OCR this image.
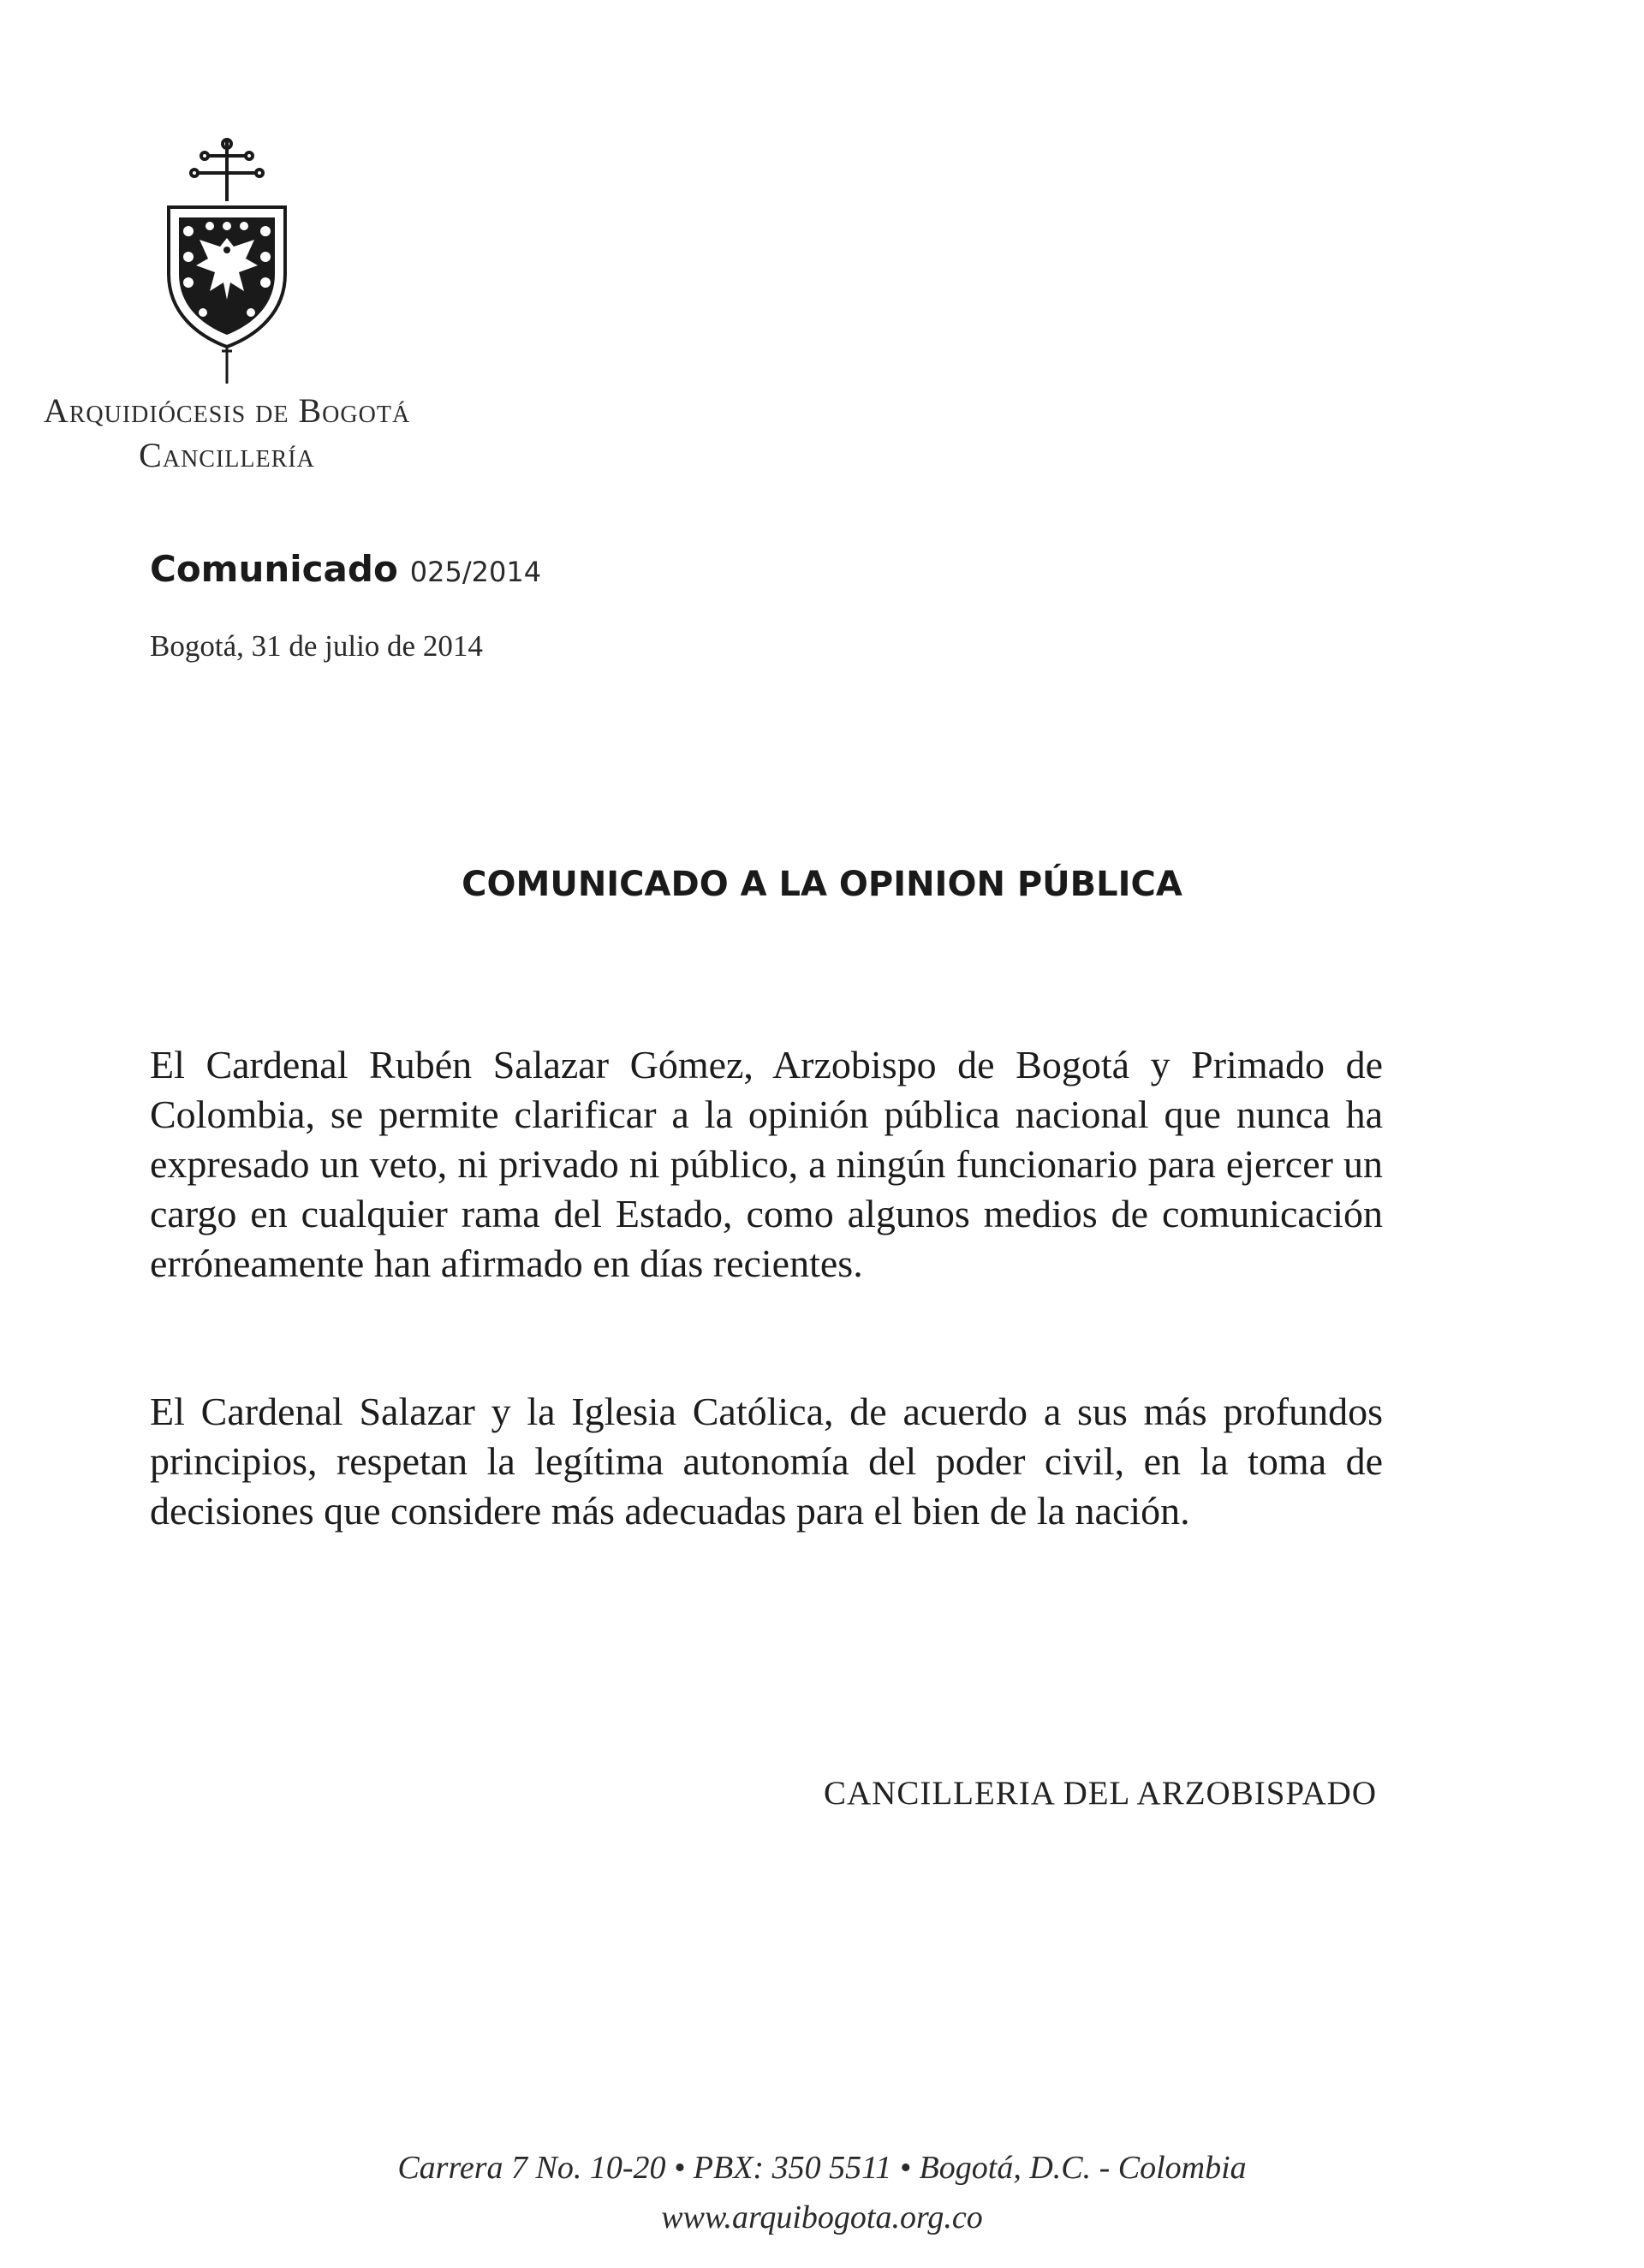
Arquidiócesis de Bogotá
Cancillería
Comunicado 025/2014
Bogotá, 31 de julio de 2014
COMUNICADO A LA OPINION PÚBLICA

El Cardenal Rubén Salazar Gómez, Arzobispo de Bogotá y Primado de Colombia, se permite clarificar a la opinión pública nacional que nunca ha expresado un veto, ni privado ni público, a ningún funcionario para ejercer un cargo en cualquier rama del Estado, como algunos medios de comunicación erróneamente han afirmado en días recientes.

El Cardenal Salazar y la Iglesia Católica, de acuerdo a sus más profundos principios, respetan la legítima autonomía del poder civil, en la toma de decisiones que considere más adecuadas para el bien de la nación.

CANCILLERIA DEL ARZOBISPADO
Carrera 7 No. 10-20 • PBX: 350 5511 • Bogotá, D.C. - Colombia
www.arquibogota.org.co
